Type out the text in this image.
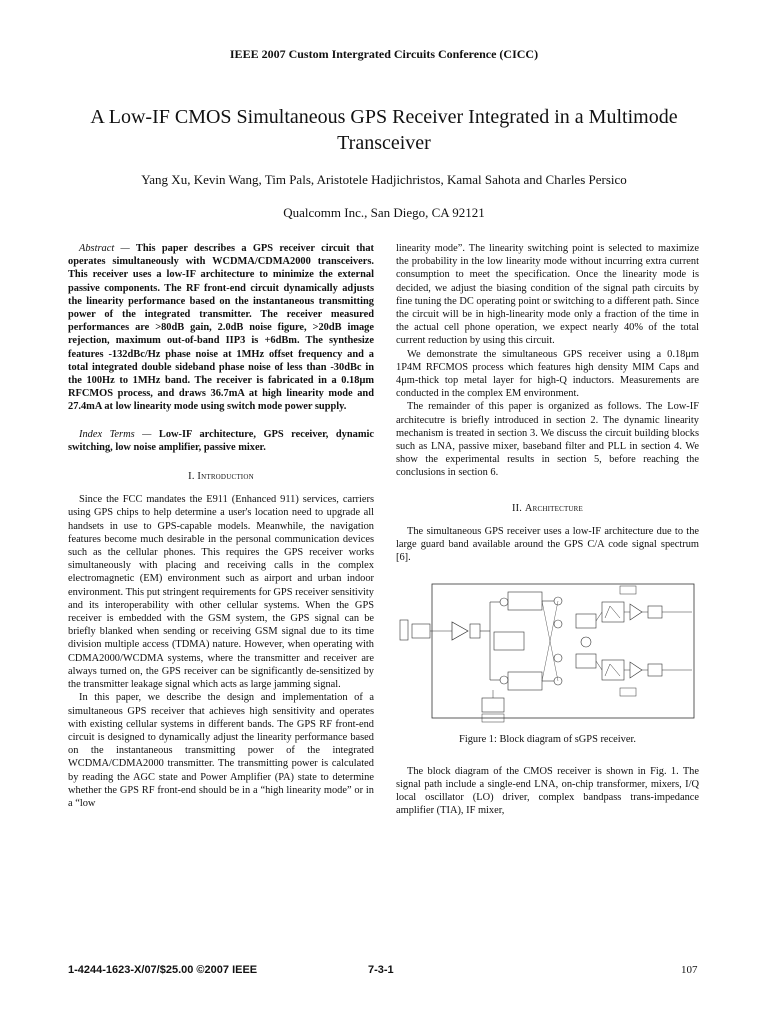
IEEE 2007 Custom Intergrated Circuits Conference (CICC)
A Low-IF CMOS Simultaneous GPS Receiver Integrated in a Multimode Transceiver
Yang Xu, Kevin Wang, Tim Pals, Aristotele Hadjichristos, Kamal Sahota and Charles Persico
Qualcomm Inc., San Diego, CA 92121

Abstract — This paper describes a GPS receiver circuit that operates simultaneously with WCDMA/CDMA2000 transceivers. This receiver uses a low-IF architecture to minimize the external passive components. The RF front-end circuit dynamically adjusts the linearity performance based on the instantaneous transmitting power of the integrated transmitter. The receiver measured performances are >80dB gain, 2.0dB noise figure, >20dB image rejection, maximum out-of-band IIP3 is +6dBm. The synthesize features -132dBc/Hz phase noise at 1MHz offset frequency and a total integrated double sideband phase noise of less than -30dBc in the 100Hz to 1MHz band. The receiver is fabricated in a 0.18μm RFCMOS process, and draws 36.7mA at high linearity mode and 27.4mA at low linearity mode using switch mode power supply.

Index Terms — Low-IF architecture, GPS receiver, dynamic switching, low noise amplifier, passive mixer.

I. Introduction

Since the FCC mandates the E911 (Enhanced 911) services, carriers using GPS chips to help determine a user's location need to upgrade all handsets in use to GPS-capable models. Meanwhile, the navigation features become much desirable in the personal communication devices such as the cellular phones. This requires the GPS receiver works simultaneously with placing and receiving calls in the complex electromagnetic (EM) environment such as airport and urban indoor environment. This put stringent requirements for GPS receiver sensitivity and its interoperability with other cellular systems. When the GPS receiver is embedded with the GSM system, the GPS signal can be briefly blanked when sending or receiving GSM signal due to its time division multiple access (TDMA) nature. However, when operating with CDMA2000/WCDMA systems, where the transmitter and receiver are always turned on, the GPS receiver can be significantly de-sensitized by the transmitter leakage signal which acts as large jamming signal.

In this paper, we describe the design and implementation of a simultaneous GPS receiver that achieves high sensitivity and operates with existing cellular systems in different bands. The GPS RF front-end circuit is designed to dynamically adjust the linearity performance based on the instantaneous transmitting power of the integrated WCDMA/CDMA2000 transmitter. The transmitting power is calculated by reading the AGC state and Power Amplifier (PA) state to determine whether the GPS RF front-end should be in a “high linearity mode” or in a “low

linearity mode”. The linearity switching point is selected to maximize the probability in the low linearity mode without incurring extra current consumption to meet the specification. Once the linearity mode is decided, we adjust the biasing condition of the signal path circuits by fine tuning the DC operating point or switching to a different path. Since the circuit will be in high-linearity mode only a fraction of the time in the actual cell phone operation, we expect nearly 40% of the total current reduction by using this circuit.

We demonstrate the simultaneous GPS receiver using a 0.18μm 1P4M RFCMOS process which features high density MIM Caps and 4μm-thick top metal layer for high-Q inductors. Measurements are conducted in the complex EM environment.

The remainder of this paper is organized as follows. The Low-IF architecutre is briefly introduced in section 2. The dynamic linearity mechanism is treated in section 3. We discuss the circuit building blocks such as LNA, passive mixer, baseband filter and PLL in section 4. We show the experimental results in section 5, before reaching the conclusions in section 6.

II. Architecture

The simultaneous GPS receiver uses a low-IF architecture due to the large guard band available around the GPS C/A code signal spectrum [6].

Figure 1: Block diagram of sGPS receiver.

The block diagram of the CMOS receiver is shown in Fig. 1. The signal path include a single-end LNA, on-chip transformer, mixers, I/Q local oscillator (LO) driver, complex bandpass trans-impedance amplifier (TIA), IF mixer,

1-4244-1623-X/07/$25.00 ©2007 IEEE	7-3-1	107
